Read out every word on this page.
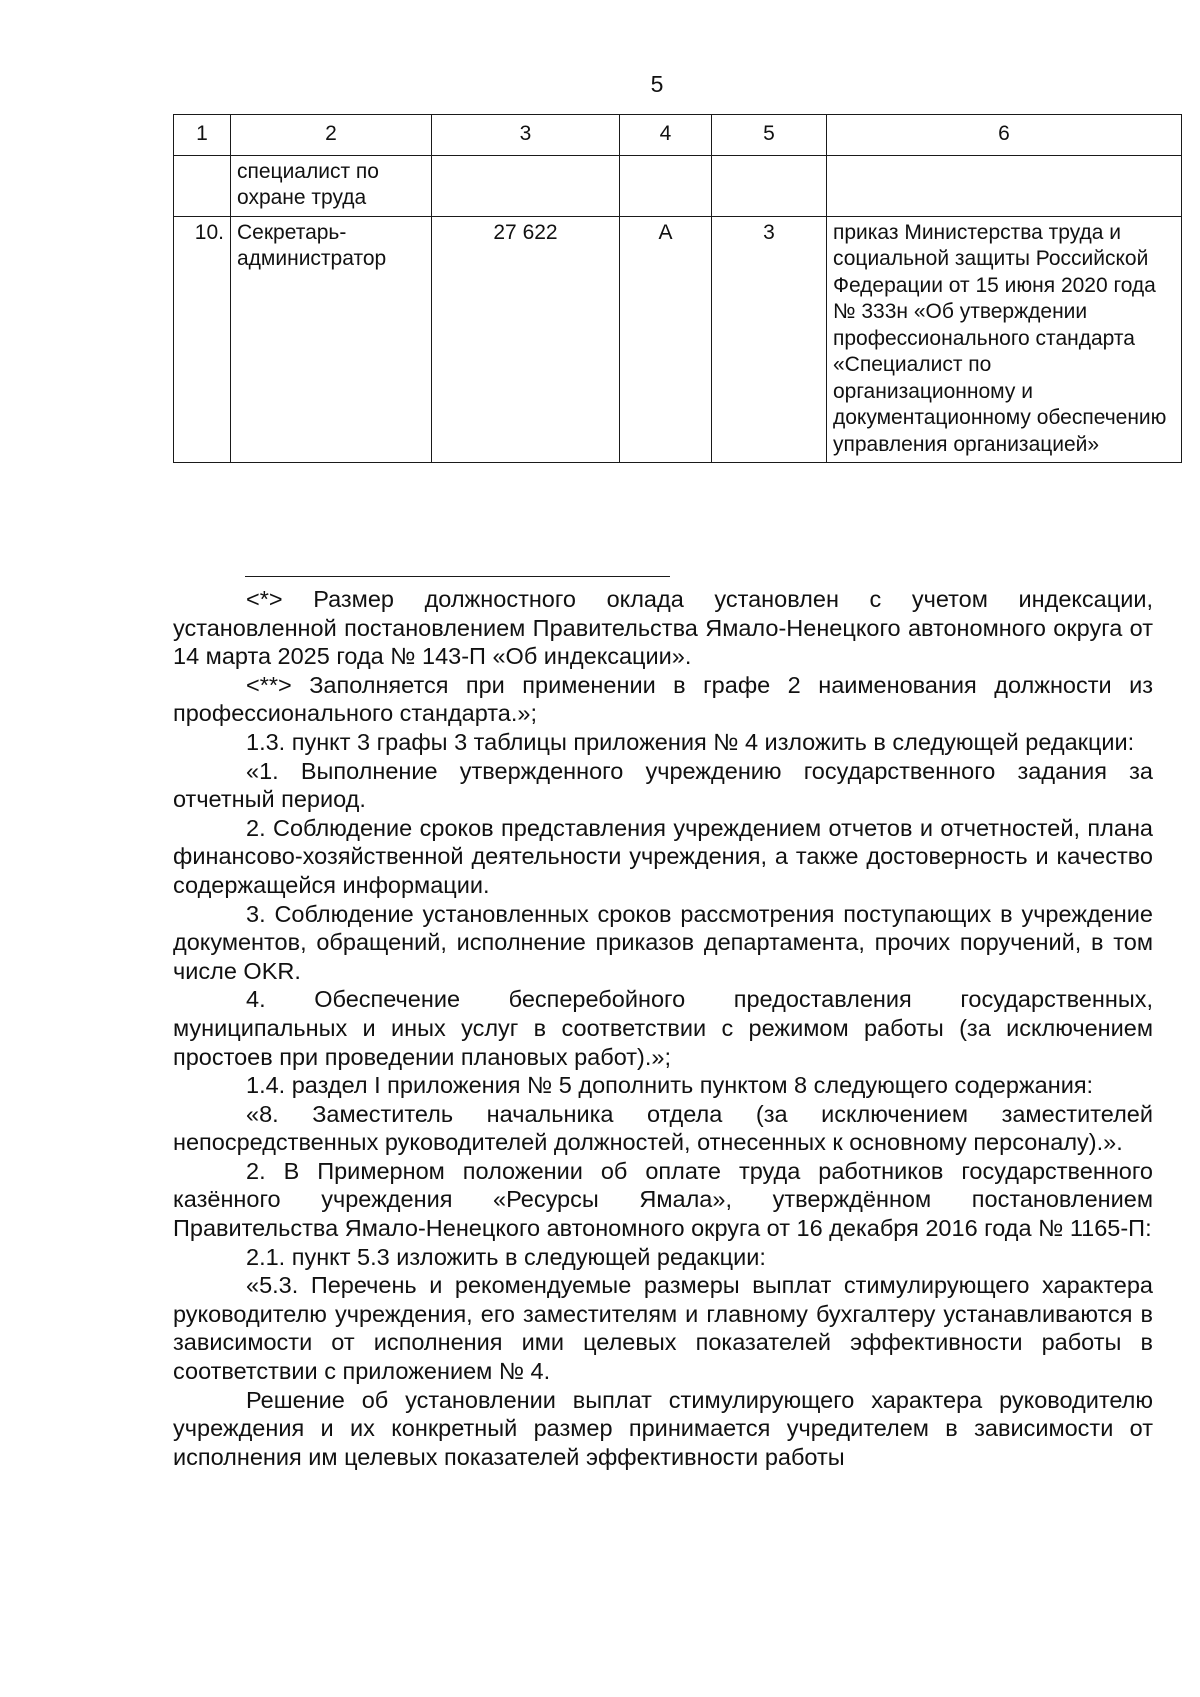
5
1	2	3	4	5	6
	специалист по охране труда				
10.	Секретарь-администратор	27 622	А	3	приказ Министерства труда и социальной защиты Российской Федерации от 15 июня 2020 года № 333н «Об утверждении профессионального стандарта «Специалист по организационному и документационному обеспечению управления организацией»

<*> Размер должностного оклада установлен с учетом индексации, установленной постановлением Правительства Ямало-Ненецкого автономного округа от 14 марта 2025 года № 143-П «Об индексации».

<**> Заполняется при применении в графе 2 наименования должности из профессионального стандарта.»;

1.3. пункт 3 графы 3 таблицы приложения № 4 изложить в следующей редакции:

«1. Выполнение утвержденного учреждению государственного задания за отчетный период.

2. Соблюдение сроков представления учреждением отчетов и отчетностей, плана финансово-хозяйственной деятельности учреждения, а также достоверность и качество содержащейся информации.

3. Соблюдение установленных сроков рассмотрения поступающих в учреждение документов, обращений, исполнение приказов департамента, прочих поручений, в том числе OKR.

4. Обеспечение бесперебойного предоставления государственных, муниципальных и иных услуг в соответствии с режимом работы (за исключением простоев при проведении плановых работ).»;

1.4. раздел I приложения № 5 дополнить пунктом 8 следующего содержания:

«8. Заместитель начальника отдела (за исключением заместителей непосредственных руководителей должностей, отнесенных к основному персоналу).».

2. В Примерном положении об оплате труда работников государственного казённого учреждения «Ресурсы Ямала», утверждённом постановлением Правительства Ямало-Ненецкого автономного округа от 16 декабря 2016 года № 1165-П:

2.1. пункт 5.3 изложить в следующей редакции:

«5.3. Перечень и рекомендуемые размеры выплат стимулирующего характера руководителю учреждения, его заместителям и главному бухгалтеру устанавливаются в зависимости от исполнения ими целевых показателей эффективности работы в соответствии с приложением № 4.

Решение об установлении выплат стимулирующего характера руководителю учреждения и их конкретный размер принимается учредителем в зависимости от исполнения им целевых показателей эффективности работы
